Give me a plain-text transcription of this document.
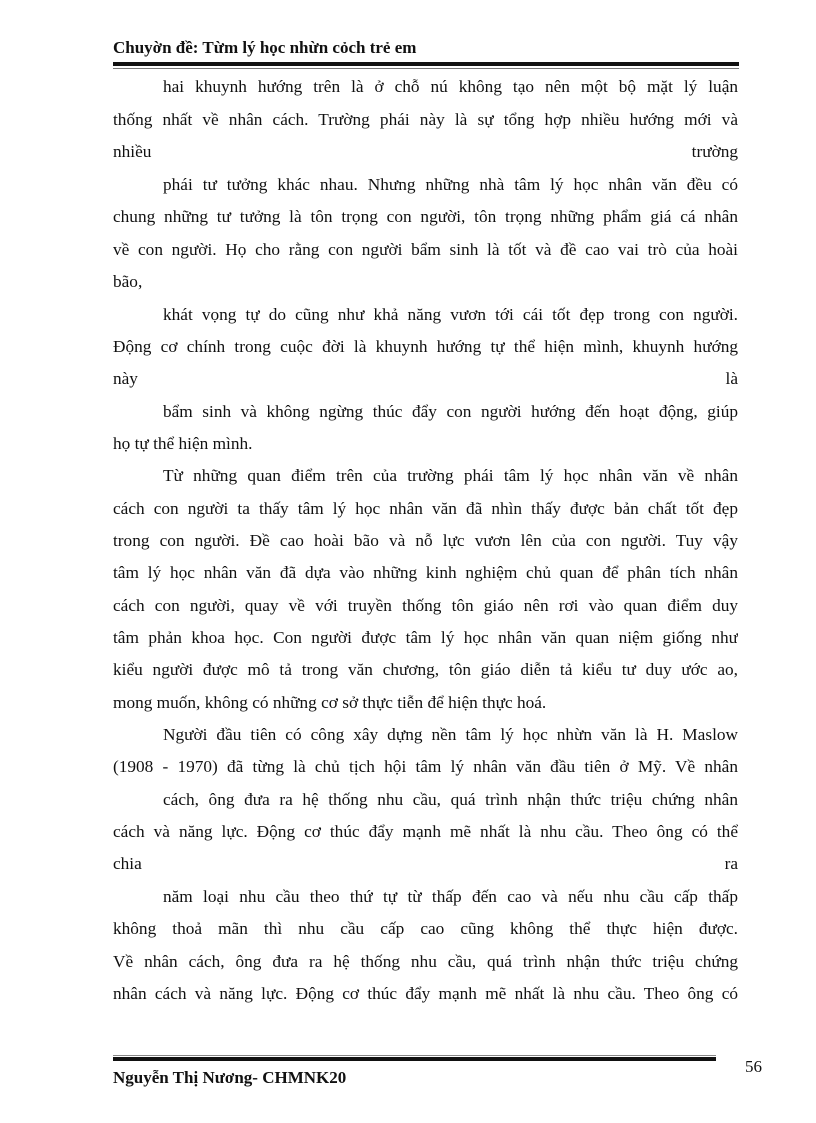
Chuyờn đề: Từm lý học nhừn cỏch trẻ em
hai khuynh hướng trên là ở chỗ nú không tạo nên một bộ mặt lý luận
thống nhất về nhân cách. Trường phái này là sự tổng hợp nhiều hướng mới và
nhiều trường
phái tư tưởng khác nhau. Nhưng những nhà tâm lý học nhân văn đều có
chung những tư tưởng là tôn trọng con người, tôn trọng những phẩm giá cá nhân
về con người. Họ cho rằng con người bẩm sinh là tốt và đề cao vai trò của hoài
bão,
khát vọng tự do cũng như khả năng vươn tới cái tốt đẹp trong con người.
Động cơ chính trong cuộc đời là khuynh hướng tự thể hiện mình, khuynh hướng
này là
bẩm sinh và không ngừng thúc đẩy con người hướng đến hoạt động, giúp
họ tự thể hiện mình.
Từ những quan điểm trên của trường phái tâm lý học nhân văn về nhân
cách con người ta thấy tâm lý học nhân văn đã nhìn thấy được bản chất tốt đẹp
trong con người. Đề cao hoài bão và nỗ lực vươn lên của con người. Tuy vậy
tâm lý học nhân văn đã dựa vào những kinh nghiệm chủ quan để phân tích nhân
cách con người, quay về với truyền thống tôn giáo nên rơi vào quan điểm duy
tâm phản khoa học. Con người được tâm lý học nhân văn quan niệm giống như
kiểu người được mô tả trong văn chương, tôn giáo diễn tả kiểu tư duy ước ao,
mong muốn, không có những cơ sở thực tiễn để hiện thực hoá.
Người đầu tiên có công xây dựng nền tâm lý học nhừn văn là H. Maslow
(1908 - 1970) đã từng là chủ tịch hội tâm lý nhân văn đầu tiên ở Mỹ. Về nhân
cách, ông đưa ra hệ thống nhu cầu, quá trình nhận thức triệu chứng nhân
cách và năng lực. Động cơ thúc đẩy mạnh mẽ nhất là nhu cầu. Theo ông có thể
chia ra
năm loại nhu cầu theo thứ tự từ thấp đến cao và nếu nhu cầu cấp thấp
không thoả mãn thì nhu cầu cấp cao cũng không thể thực hiện được.
Về nhân cách, ông đưa ra hệ thống nhu cầu, quá trình nhận thức triệu chứng
nhân cách và năng lực. Động cơ thúc đẩy mạnh mẽ nhất là nhu cầu. Theo ông có
Nguyễn Thị Nương- CHMNK20
56
